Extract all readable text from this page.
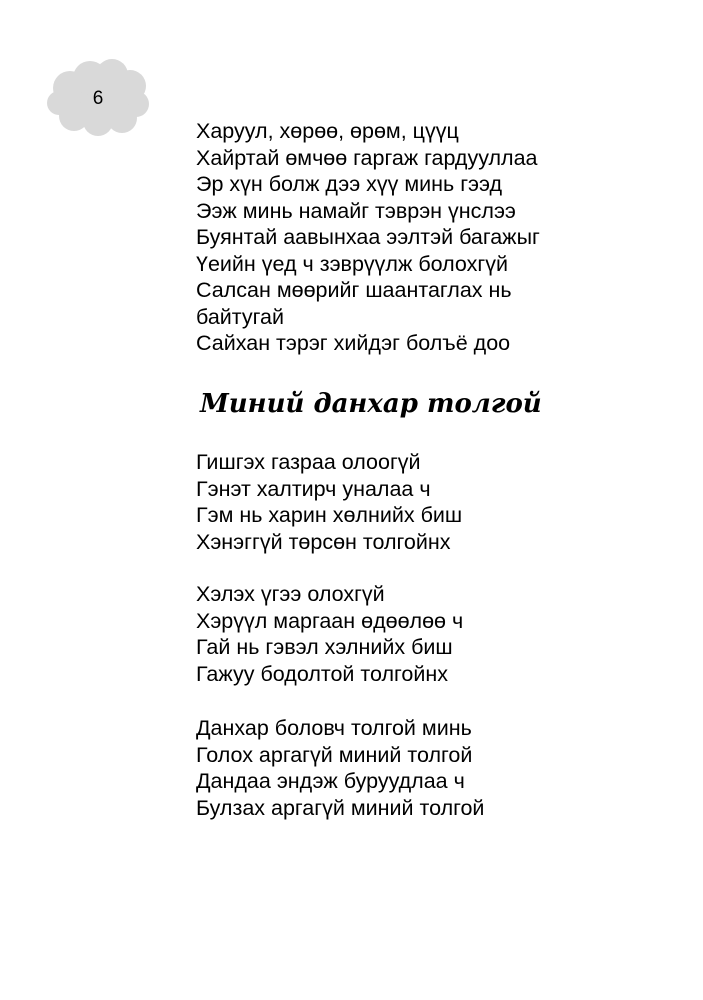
6
Харуул, хөрөө, өрөм, цүүц
Хайртай өмчөө гаргаж гардууллаа
Эр хүн болж дээ хүү минь гээд
Ээж минь намайг тэврэн үнслээ
Буянтай аавынхаа ээлтэй багажыг
Үеийн үед ч зэврүүлж болохгүй
Салсан мөөрийг шаантаглах нь
байтугай
Сайхан тэрэг хийдэг болъё доо
Миний данхар толгой
Гишгэх газраа олоогүй
Гэнэт халтирч уналаа ч
Гэм нь харин хөлнийх биш
Хэнэггүй төрсөн толгойнх
Хэлэх үгээ олохгүй
Хэрүүл маргаан өдөөлөө ч
Гай нь гэвэл хэлнийх биш
Гажуу бодолтой толгойнх
Данхар боловч толгой минь
Голох аргагүй миний толгой
Дандаа эндэж буруудлаа ч
Булзах аргагүй миний толгой
